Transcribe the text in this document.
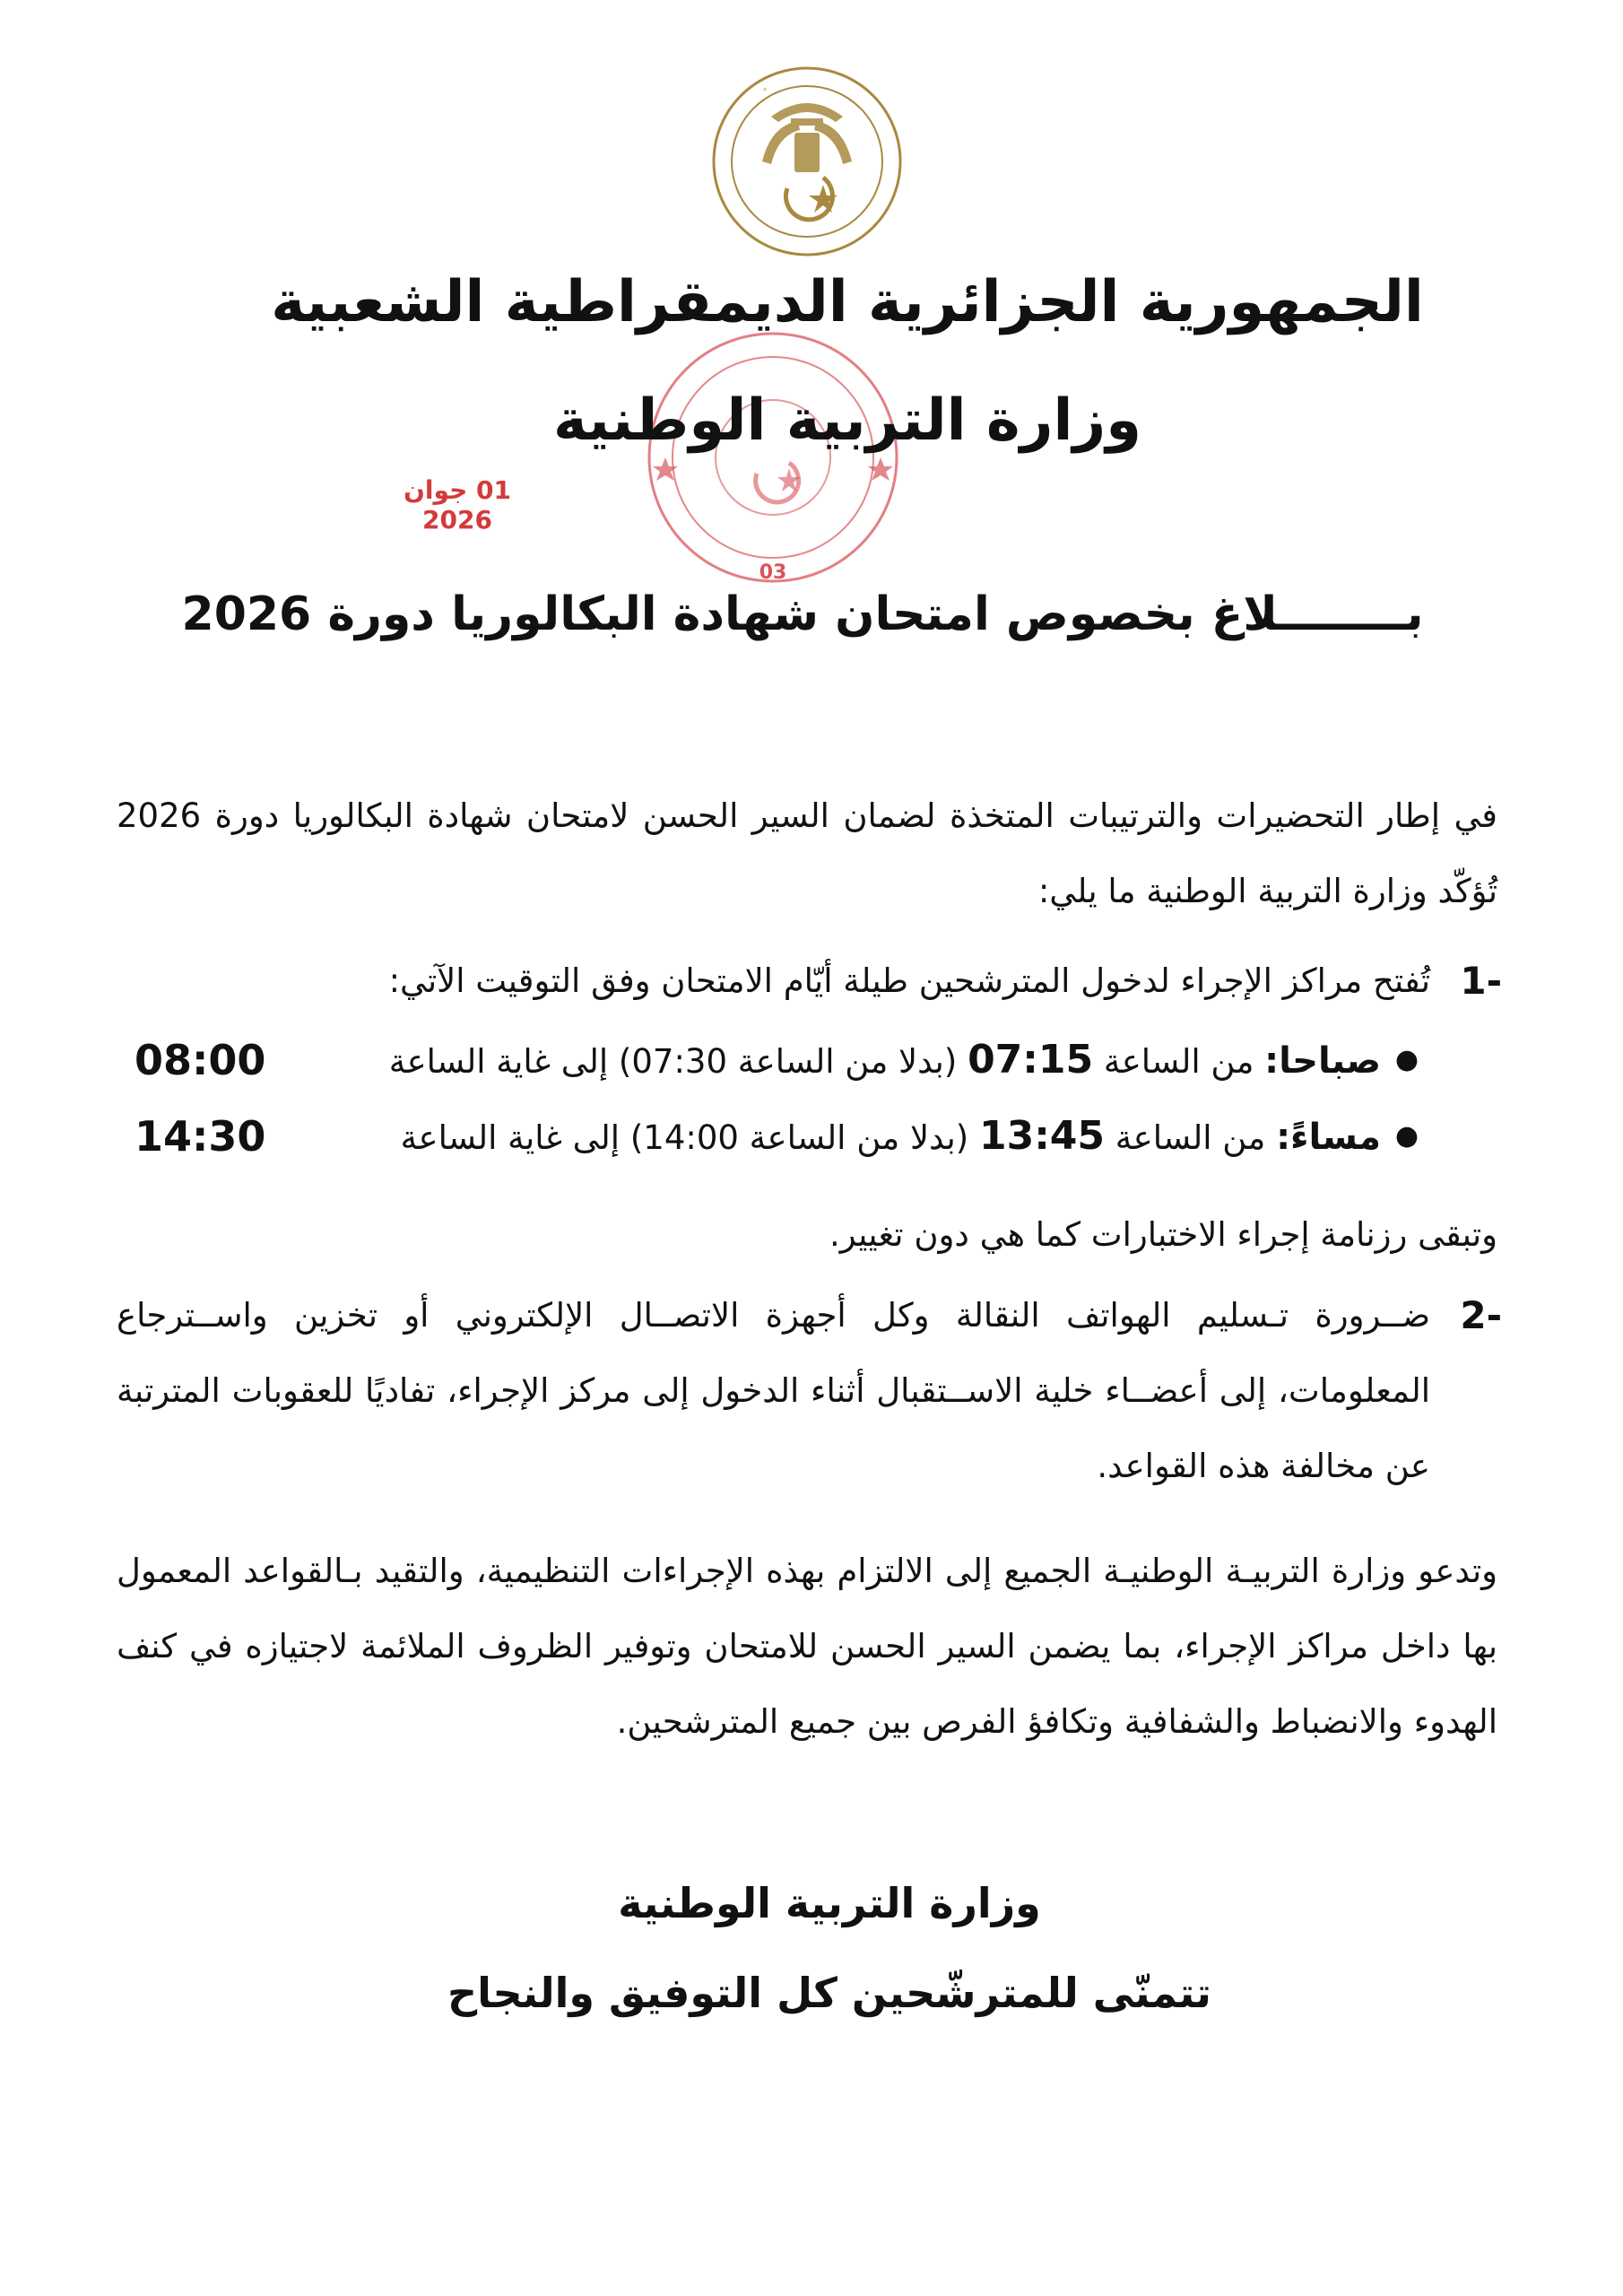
03
الجمهورية الجزائرية الديمقراطية الشعبية
وزارة التربية الوطنية
01 جوان 2026
بــــــــلاغ بخصوص امتحان شهادة البكالوريا دورة 2026
في إطار التحضيرات والترتيبات المتخذة لضمان السير الحسن لامتحان شهادة البكالوريا دورة 2026 تُؤكّد وزارة التربية الوطنية ما يلي:
1-
تُفتح مراكز الإجراء لدخول المترشحين طيلة أيّام الامتحان وفق التوقيت الآتي:
●
صباحا: من الساعة 07:15 (بدلا من الساعة 07:30) إلى غاية الساعة
08:00
●
مساءً: من الساعة 13:45 (بدلا من الساعة 14:00) إلى غاية الساعة
14:30
وتبقى رزنامة إجراء الاختبارات كما هي دون تغيير.
2-
ضــرورة تـسليم الهواتف النقالة وكل أجهزة الاتصــال الإلكتروني أو تخزين واســترجاع المعلومات، إلى أعضــاء خلية الاســتقبال أثناء الدخول إلى مركز الإجراء، تفاديًا للعقوبات المترتبة عن مخالفة هذه القواعد.
وتدعو وزارة التربيـة الوطنيـة الجميع إلى الالتزام بهذه الإجراءات التنظيمية، والتقيد بـالقواعد المعمول بها داخل مراكز الإجراء، بما يضمن السير الحسن للامتحان وتوفير الظروف الملائمة لاجتيازه في كنف الهدوء والانضباط والشفافية وتكافؤ الفرص بين جميع المترشحين.
وزارة التربية الوطنية
تتمنّى للمترشّحين كل التوفيق والنجاح
